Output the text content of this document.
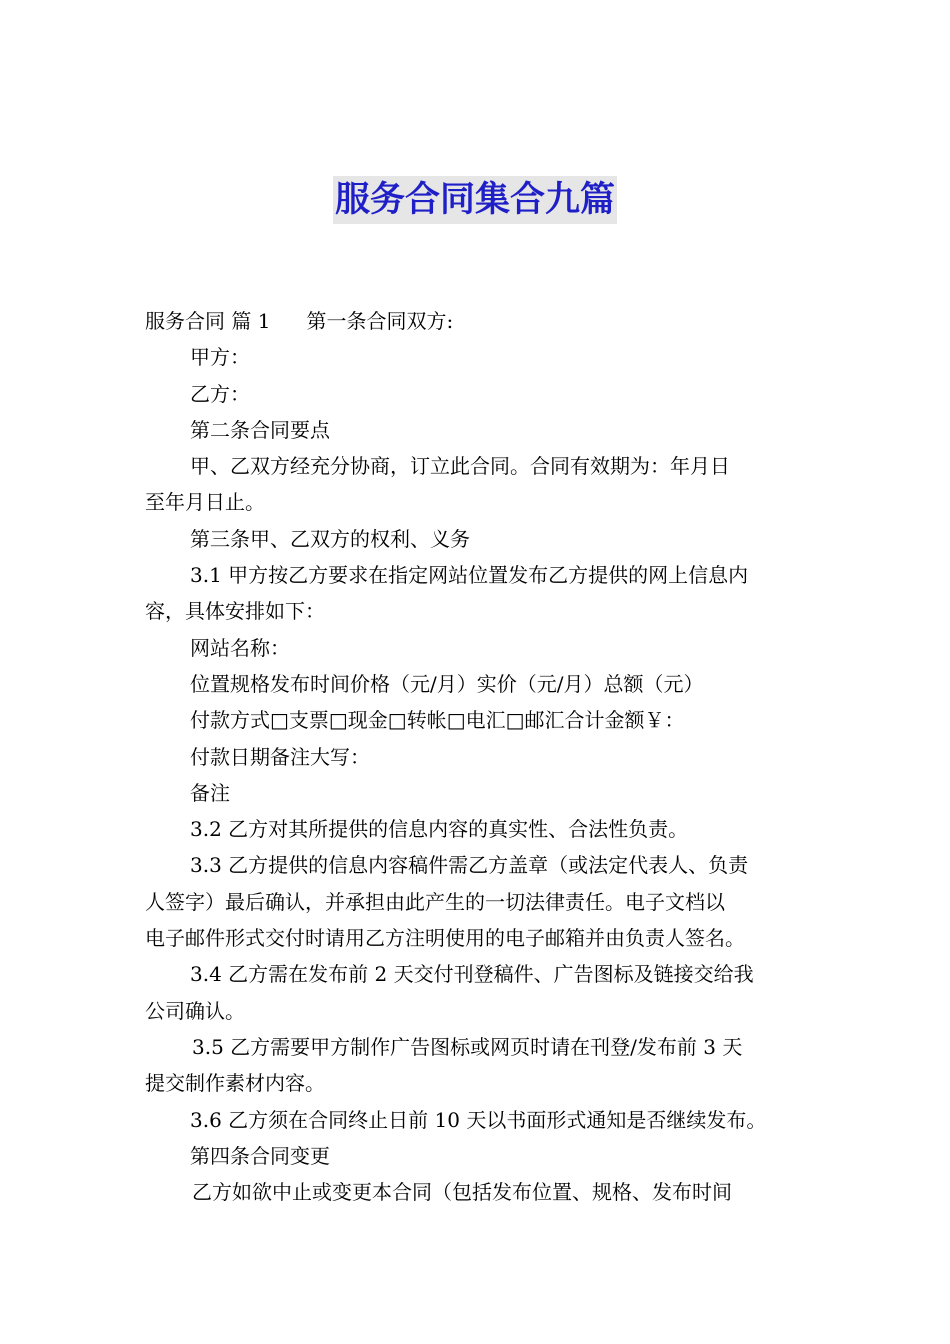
服务合同集合九篇
服务合同 篇 1 第一条合同双方:
甲方：
乙方：
第二条合同要点
甲、乙双方经充分协商，订立此合同。合同有效期为：年月日
至年月日止。
第三条甲、乙双方的权利、义务
3.1 甲方按乙方要求在指定网站位置发布乙方提供的网上信息内
容，具体安排如下：
网站名称：
位置规格发布时间价格（元/月）实价（元/月）总额（元）
付款方式□支票□现金□转帐□电汇□邮汇合计金额￥：
付款日期备注大写：
备注
3.2 乙方对其所提供的信息内容的真实性、合法性负责。
3.3 乙方提供的信息内容稿件需乙方盖章（或法定代表人、负责
人签字）最后确认，并承担由此产生的一切法律责任。电子文档以
电子邮件形式交付时请用乙方注明使用的电子邮箱并由负责人签名。
3.4 乙方需在发布前 2 天交付刊登稿件、广告图标及链接交给我
公司确认。
3.5 乙方需要甲方制作广告图标或网页时请在刊登/发布前 3 天
提交制作素材内容。
3.6 乙方须在合同终止日前 10 天以书面形式通知是否继续发布。
第四条合同变更
乙方如欲中止或变更本合同（包括发布位置、规格、发布时间
